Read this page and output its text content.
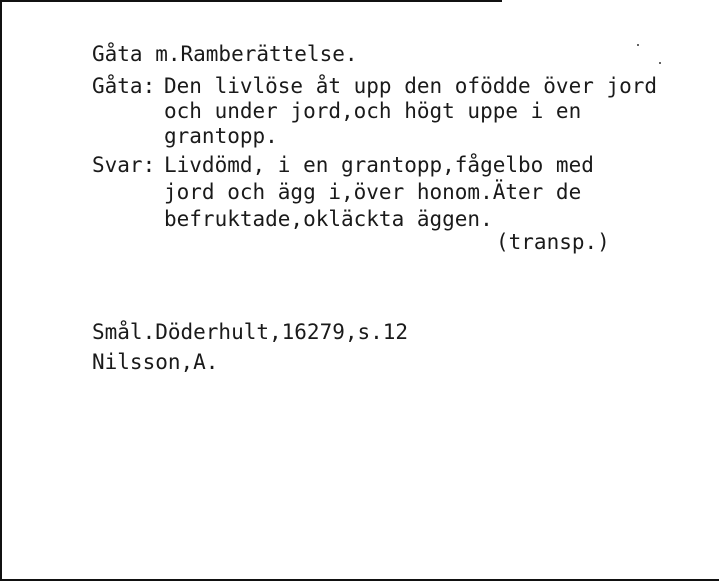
Gåta m.Ramberättelse.
Gåta: Den livlöse åt upp den ofödde över jord
och under jord,och högt uppe i en
grantopp.
Svar: Livdömd, i en grantopp,fågelbo med
jord och ägg i,över honom.Äter de
befruktade,okläckta äggen.
(transp.)
Smål.Döderhult,16279,s.12
Nilsson,A.
